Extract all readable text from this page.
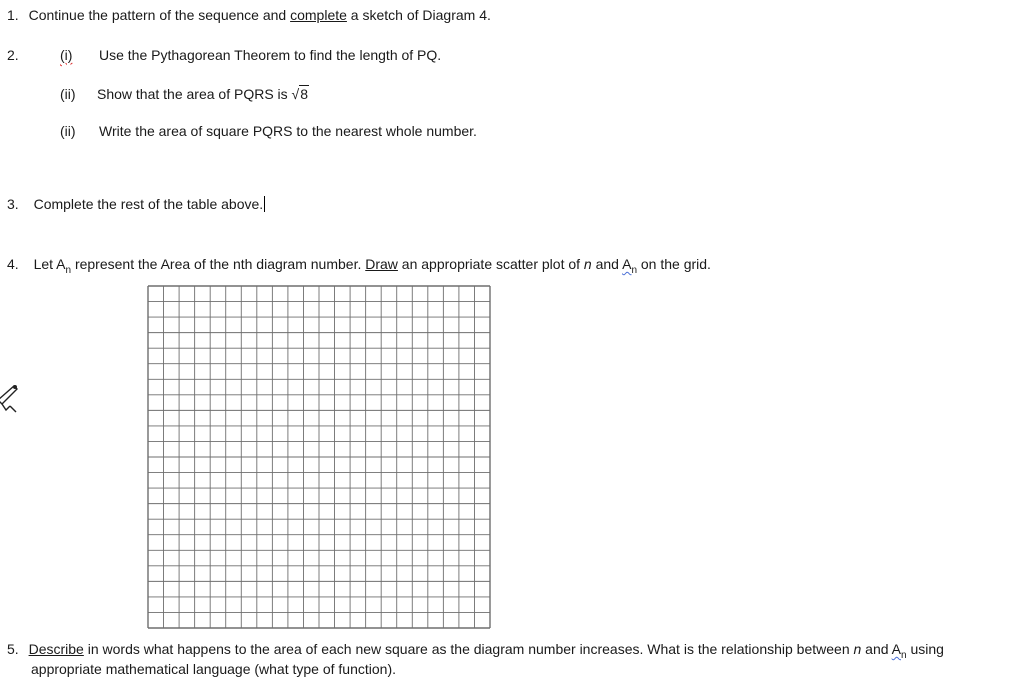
1. Continue the pattern of the sequence and complete a sketch of Diagram 4.
2.	(i) Use the Pythagorean Theorem to find the length of PQ.
(ii) Show that the area of PQRS is √8
(ii) Write the area of square PQRS to the nearest whole number.
3. Complete the rest of the table above.
4. Let $A_n$ represent the Area of the nth diagram number. Draw an appropriate scatter plot of n and $A_n$ on the grid.
5. Describe in words what happens to the area of each new square as the diagram number increases. What is the relationship between n and $A_n$ using
appropriate mathematical language (what type of function).
